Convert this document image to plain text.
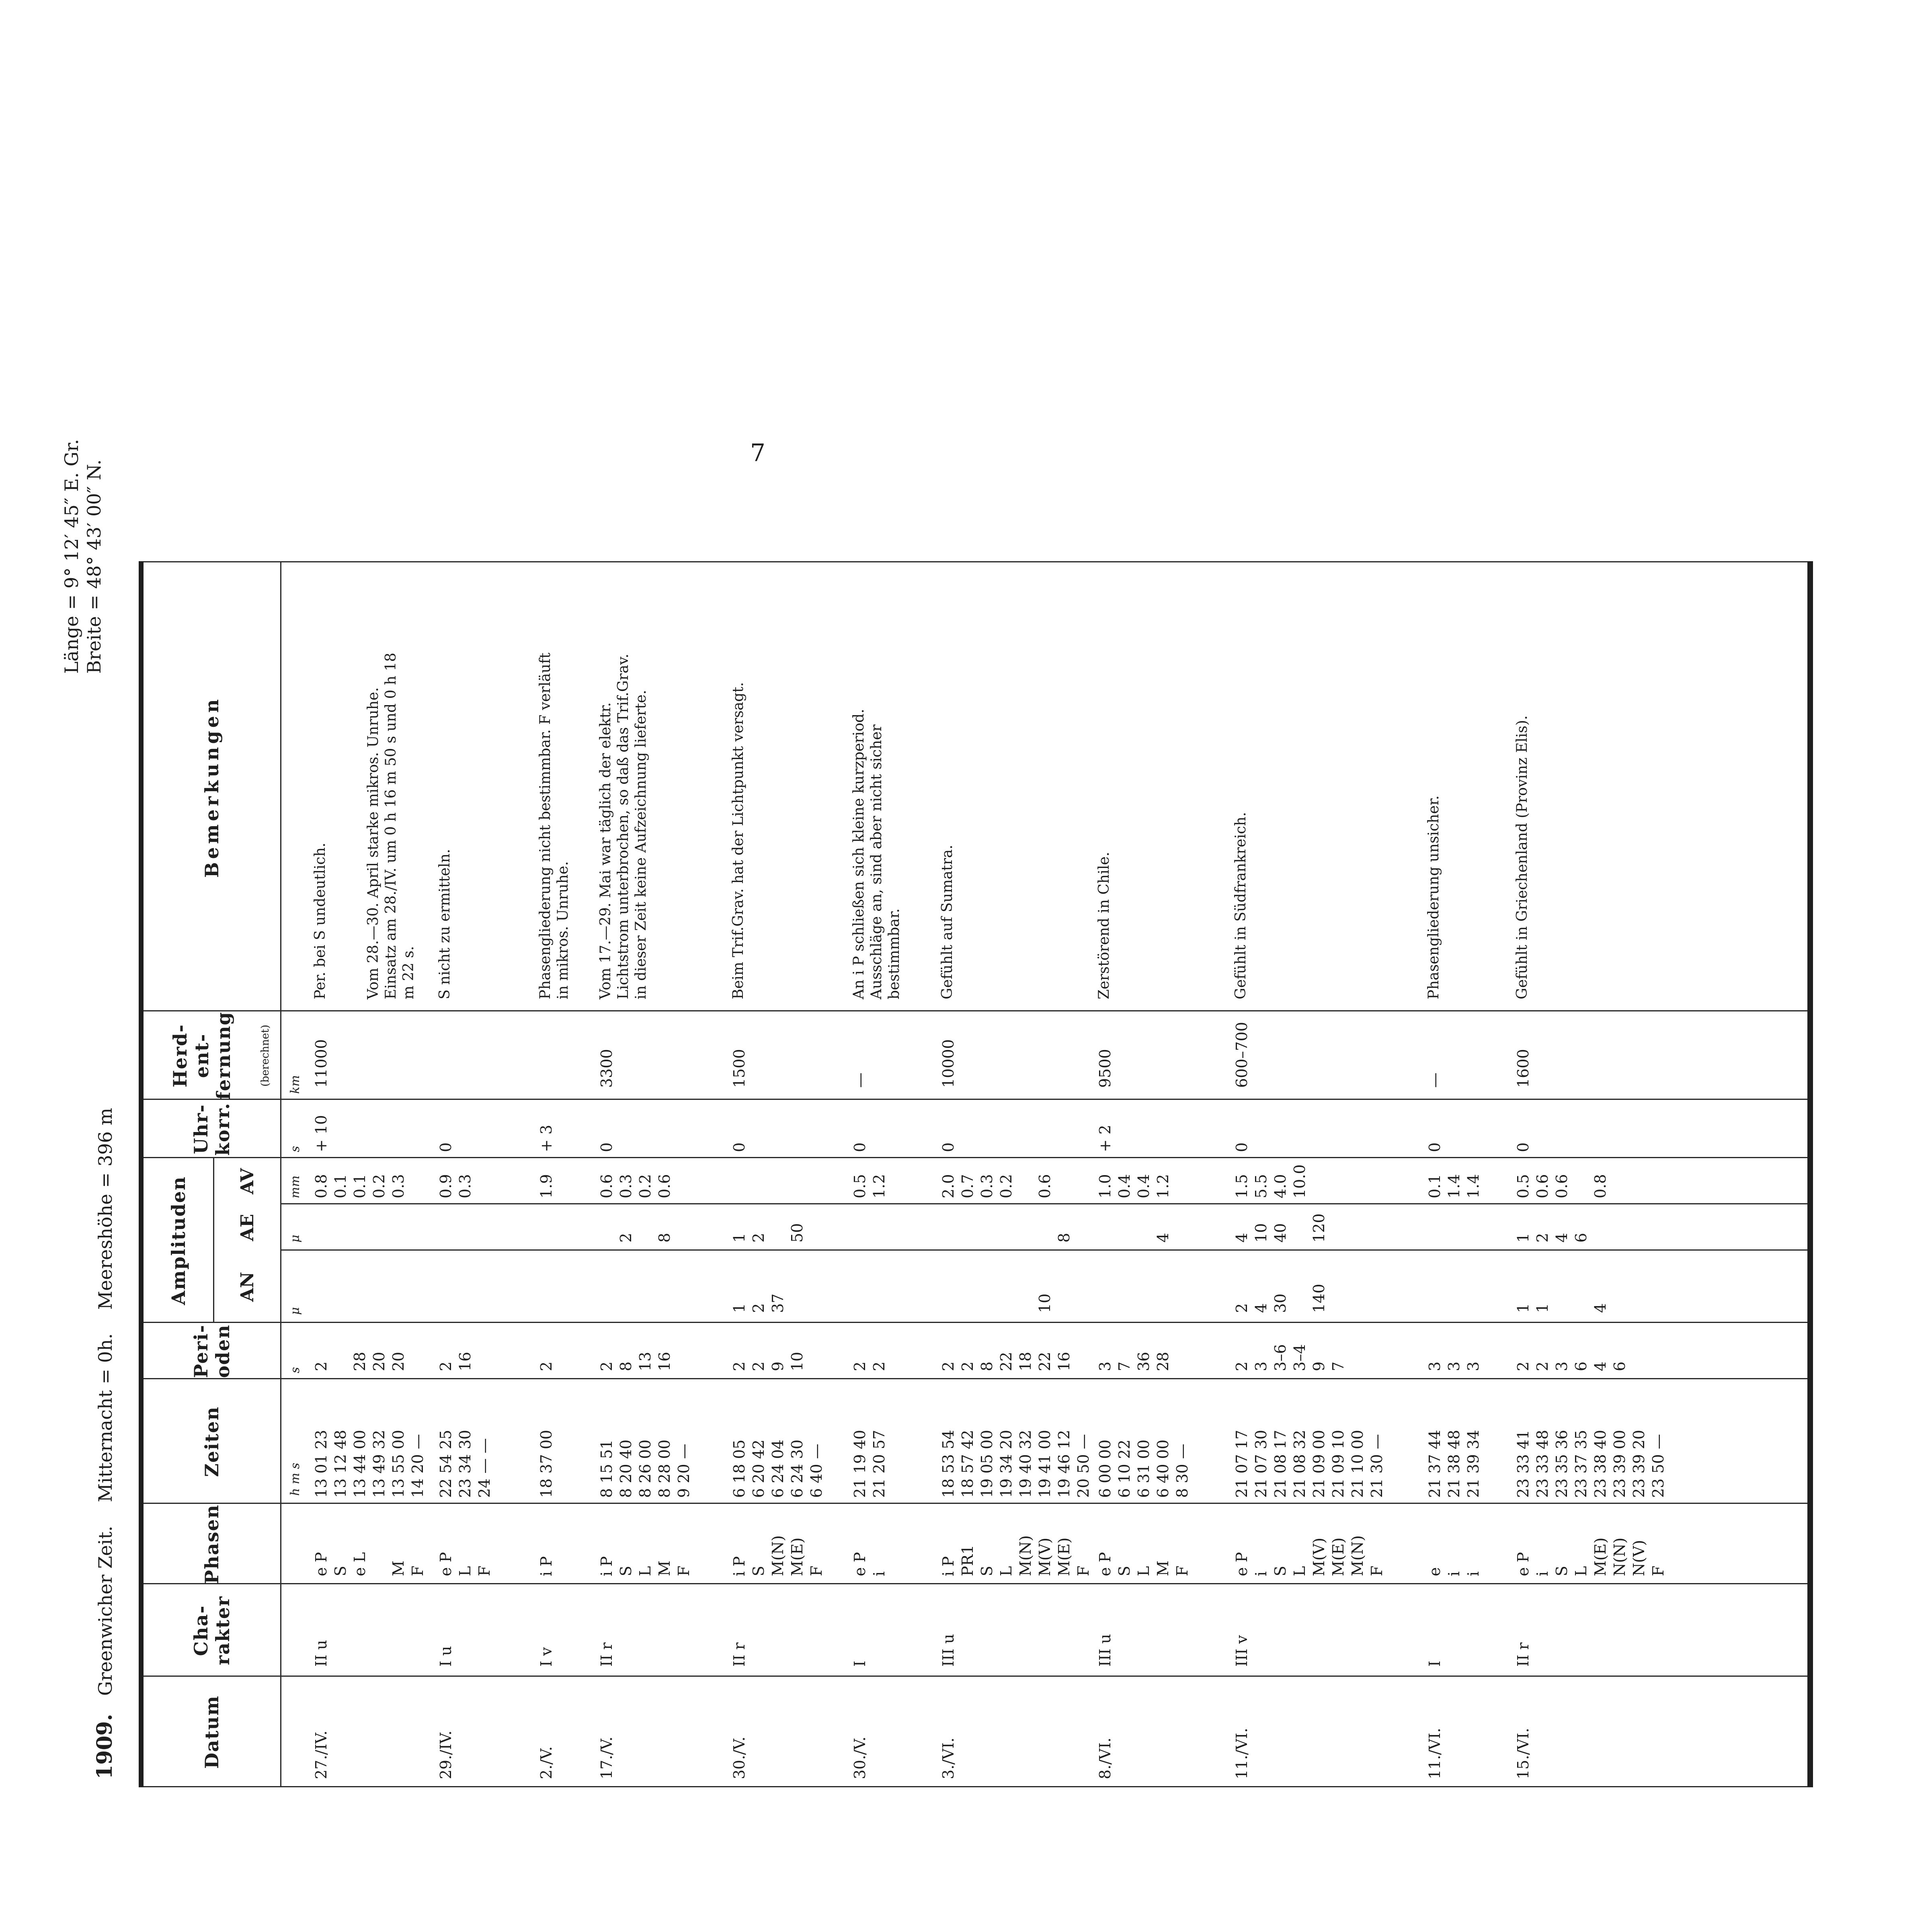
7
1909. Greenwicher Zeit.    Mitternacht = 0h.    Meereshöhe = 396 m
Länge = 9° 12′ 45″ E. Gr. Breite = 48° 43′ 00″ N.
Datum
Cha-
rakter
Phasen
Zeiten
Peri-
oden
Amplituden	AN
AE
AV
Uhr-
korr.
Herd-
ent-
fernung	(berechnet)
Bemerkungen
h m s
s
μ
μ
mm
s
km
27./IV.
II u
e P
S
e L

M
F
13 01 23
13 12 48
13 44 00
13 49 32
13 55 00
14 20 —
2

28
20
20
0.8
0.1
0.1
0.2
0.3
+ 10
11000
Per. bei S undeutlich.

Vom 28.—30. April starke mikros. Unruhe. Einsatz am 28./IV. um 0 h 16 m 50 s und 0 h 18 m 22 s.
29./IV.
I u
e P
L
F
22 54 25
23 34 30
24 — —
2
16
0.9
0.3
0
S nicht zu ermitteln.
2./V.
I v
i P
18 37 00
2
1.9
+ 3
Phasengliederung nicht bestimmbar. F verläuft in mikros. Unruhe.
17./V.
II r
i P
S
L
M
F
8 15 51
8 20 40
8 26 00
8 28 00
9 20 —
2
8
13
16

2

8
0.6
0.3
0.2
0.6
0
3300
Vom 17.—29. Mai war täglich der elektr. Lichtstrom unterbrochen, so daß das Trif.Grav. in dieser Zeit keine Aufzeichnung lieferte.
30./V.
II r
i P
S
M(N)
M(E)
F
6 18 05
6 20 42
6 24 04
6 24 30
6 40 —
2
2
9
10
1
2
37
1
2

50
0
1500
Beim Trif.Grav. hat der Lichtpunkt versagt.
30./V.
I
e P
i
21 19 40
21 20 57
2
2
0.5
1.2
0
—
An i P schließen sich kleine kurzperiod. Ausschläge an, sind aber nicht sicher bestimmbar.
3./VI.
III u
i P
PR1
S
L
M(N)
M(V)
M(E)
F
18 53 54
18 57 42
19 05 00
19 34 20
19 40 32
19 41 00
19 46 12
20 50 —
2
2
8
22
18
22
16

10

8
2.0
0.7
0.3
0.2

0.6
0
10000
Gefühlt auf Sumatra.
8./VI.
III u
e P
S
L
M
F
6 00 00
6 10 22
6 31 00
6 40 00
8 30 —
3
7
36
28

4
1.0
0.4
0.4
1.2
+ 2
9500
Zerstörend in Chile.
11./VI.
III v
e P
i
S
L
M(V)
M(E)
M(N)
F
21 07 17
21 07 30
21 08 17
21 08 32
21 09 00
21 09 10
21 10 00
21 30 —
2
3
3–6
3–4
9
7
2
4
30

140
4
10
40

120
1.5
5.5
4.0
10.0
0
600–700
Gefühlt in Südfrankreich.
11./VI.
I
e
i
i
21 37 44
21 38 48
21 39 34
3
3
3
0.1
1.4
1.4
0
—
Phasengliederung unsicher.
15./VI.
II r
e P
i
S
L
M(E)
N(N)
N(V)
F
23 33 41
23 33 48
23 35 36
23 37 35
23 38 40
23 39 00
23 39 20
23 50 —
2
2
3
6
4
6
1
1

4
1
2
4
6
0.5
0.6
0.6

0.8
0
1600
Gefühlt in Griechenland (Provinz Elis).
